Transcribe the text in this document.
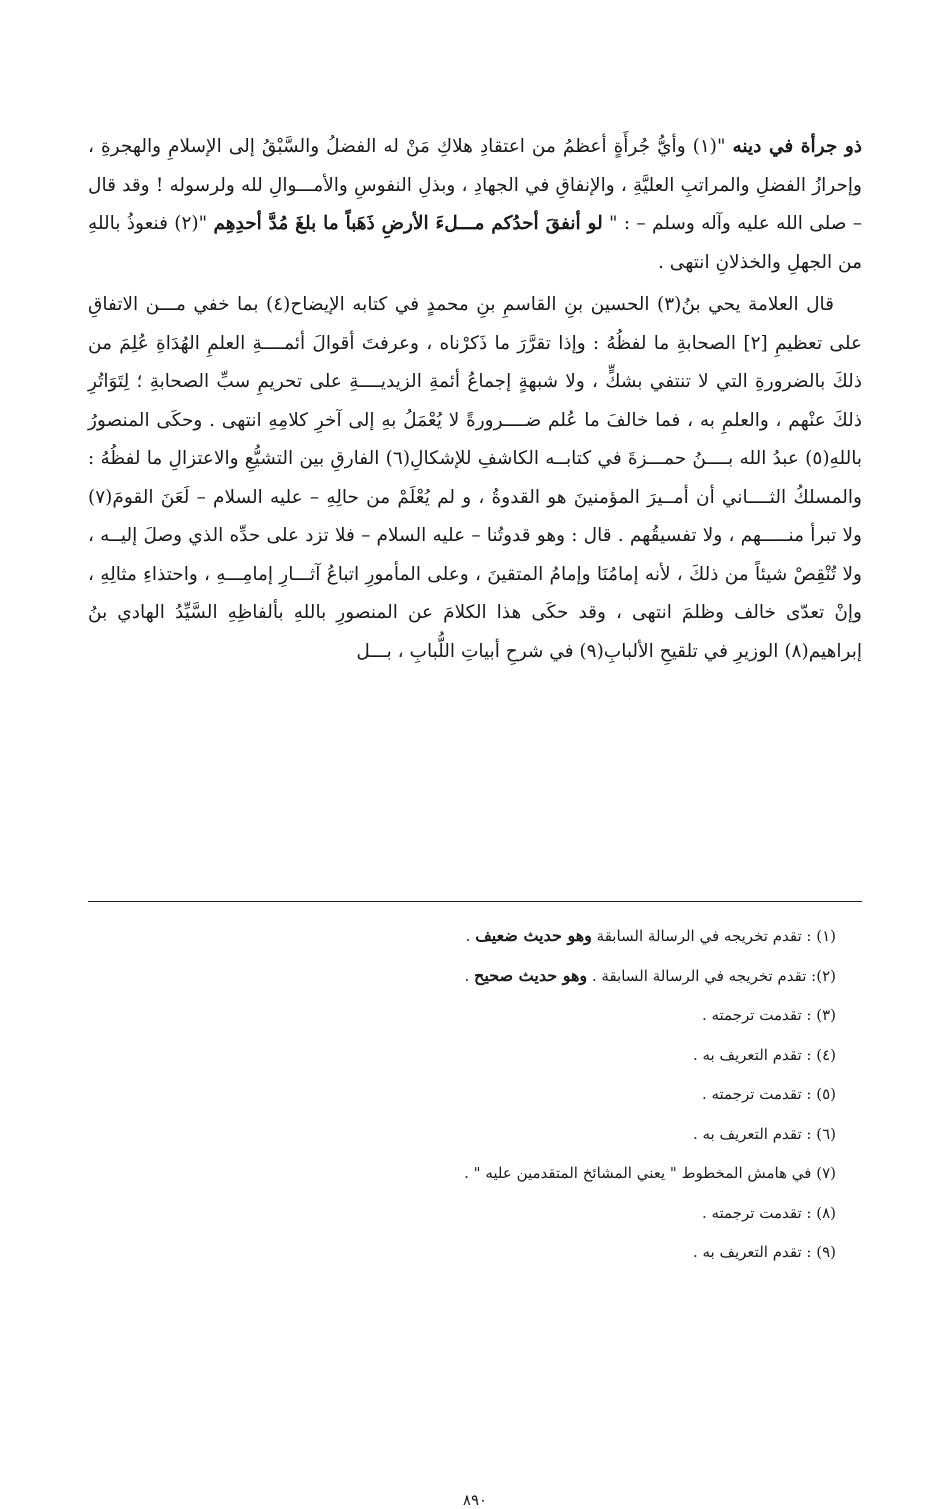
ذو جرأة في دينه "(١) وأيُّ جُرأَةٍ أعظمُ من اعتقادِ هلاكِ مَنْ له الفضلُ والسَّبْقُ إلى الإسلامِ والهجرةِ ، وإحرازُ الفضلِ والمراتبِ العليَّةِ ، والإنفاقِ في الجهادِ ، وبذلِ النفوسِ والأمـــوالِ لله ولرسوله ! وقد قال – صلى الله عليه وآله وسلم – : " لو أنفقَ أحدُكم مـــلءَ الأرضِ ذَهَباً ما بلغَ مُدَّ أحدِهِم "(٢) فنعوذُ باللهِ من الجهلِ والخذلانِ انتهى .

قال العلامة يحي بنُ(٣) الحسين بنِ القاسمِ بنِ محمدٍ في كتابه الإيضاح(٤) بما خفي مـــن الاتفاقِ على تعظيمِ [٢] الصحابةِ ما لفظُهُ : وإذا تقرَّرَ ما ذَكرْناه ، وعرفتَ أقوالَ أئمــــةِ العلمِ الهُدَاةِ عُلِمَ من ذلكَ بالضرورةِ التي لا تنتفي بشكٍّ ، ولا شبهةٍ إجماعُ أئمةِ الزيديــــةِ على تحريمِ سبِّ الصحابةِ ؛ لِتَوَاتُرِ ذلكَ عنْهم ، والعلمِ به ، فما خالفَ ما عُلم ضــــرورةً لا يُعْمَلُ بهِ إلى آخرِ كلامِهِ انتهى . وحكَى المنصورُ باللهِ(٥) عبدُ الله بــــنُ حمـــزةَ في كتابــه الكاشفِ للإشكالِ(٦) الفارقِ بين التشيُّعِ والاعتزالِ ما لفظُهُ : والمسلكُ الثــــاني أن أمــيرَ المؤمنينَ هو القدوةُ ، و لم يُعْلَمْ من حالِهِ – عليه السلام – لَعَنَ القومَ(٧) ولا تبرأ منـــــهم ، ولا تفسيقُهم . قال : وهو قدوتُنا – عليه السلام – فلا تزد على حدِّه الذي وصلَ إليــه ، ولا تُنْقِصْ شيئاً من ذلكَ ، لأنه إمامُنَا وإمامُ المتقينَ ، وعلى المأمورِ اتباعُ آثـــارِ إمامِـــهِ ، واحتذاءِ مثالِهِ ، وإنْ تعدّى خالف وظلمَ انتهى ، وقد حكَى هذا الكلامَ عن المنصورِ باللهِ بألفاظِهِ السَّيِّدُ الهادي بنُ إبراهيم(٨) الوزيرِ في تلقيحِ الألبابِ(٩) في شرحِ أبياتِ اللُّبابِ ، بـــل

(١) : تقدم تخريجه في الرسالة السابقة وهو حديث ضعيف .
(٢): تقدم تخريجه في الرسالة السابقة . وهو حديث صحيح .
(٣) : تقدمت ترجمته .
(٤) : تقدم التعريف به .
(٥) : تقدمت ترجمته .
(٦) : تقدم التعريف به .
(٧) في هامش المخطوط " يعني المشائخ المتقدمين عليه " .
(٨) : تقدمت ترجمته .
(٩) : تقدم التعريف به .
٨٩٠
